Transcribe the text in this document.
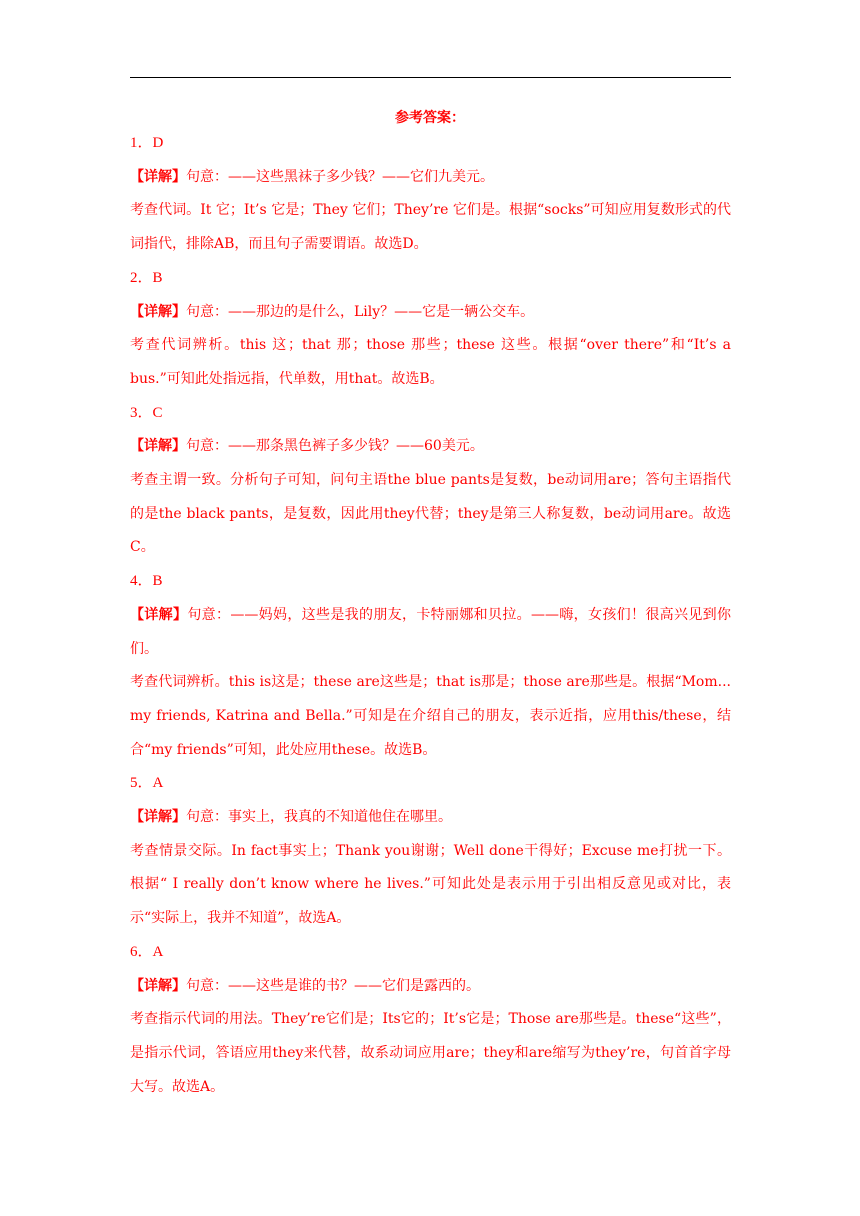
参考答案：

1．D

【详解】句意：——这些黑袜子多少钱？——它们九美元。

考查代词。It 它；It’s 它是；They 它们；They’re 它们是。根据“socks”可知应用复数形式的代词指代，排除AB，而且句子需要谓语。故选D。

2．B

【详解】句意：——那边的是什么，Lily？——它是一辆公交车。

考查代词辨析。this 这；that 那；those 那些；these 这些。根据“over there”和“It’s a bus.”可知此处指远指，代单数，用that。故选B。

3．C

【详解】句意：——那条黑色裤子多少钱？——60美元。

考查主谓一致。分析句子可知，问句主语the blue pants是复数，be动词用are；答句主语指代的是the black pants，是复数，因此用they代替；they是第三人称复数，be动词用are。故选C。

4．B

【详解】句意：——妈妈，这些是我的朋友，卡特丽娜和贝拉。——嗨，女孩们！很高兴见到你们。

考查代词辨析。this is这是；these are这些是；that is那是；those are那些是。根据“Mom... my friends, Katrina and Bella.”可知是在介绍自己的朋友，表示近指，应用this/these，结合“my friends”可知，此处应用these。故选B。

5．A

【详解】句意：事实上，我真的不知道他住在哪里。

考查情景交际。In fact事实上；Thank you谢谢；Well done干得好；Excuse me打扰一下。根据“ I really don’t know where he lives.”可知此处是表示用于引出相反意见或对比，表示“实际上，我并不知道”，故选A。

6．A

【详解】句意：——这些是谁的书？——它们是露西的。

考查指示代词的用法。They’re它们是；Its它的；It’s它是；Those are那些是。these“这些”，是指示代词，答语应用they来代替，故系动词应用are；they和are缩写为they’re，句首首字母大写。故选A。
